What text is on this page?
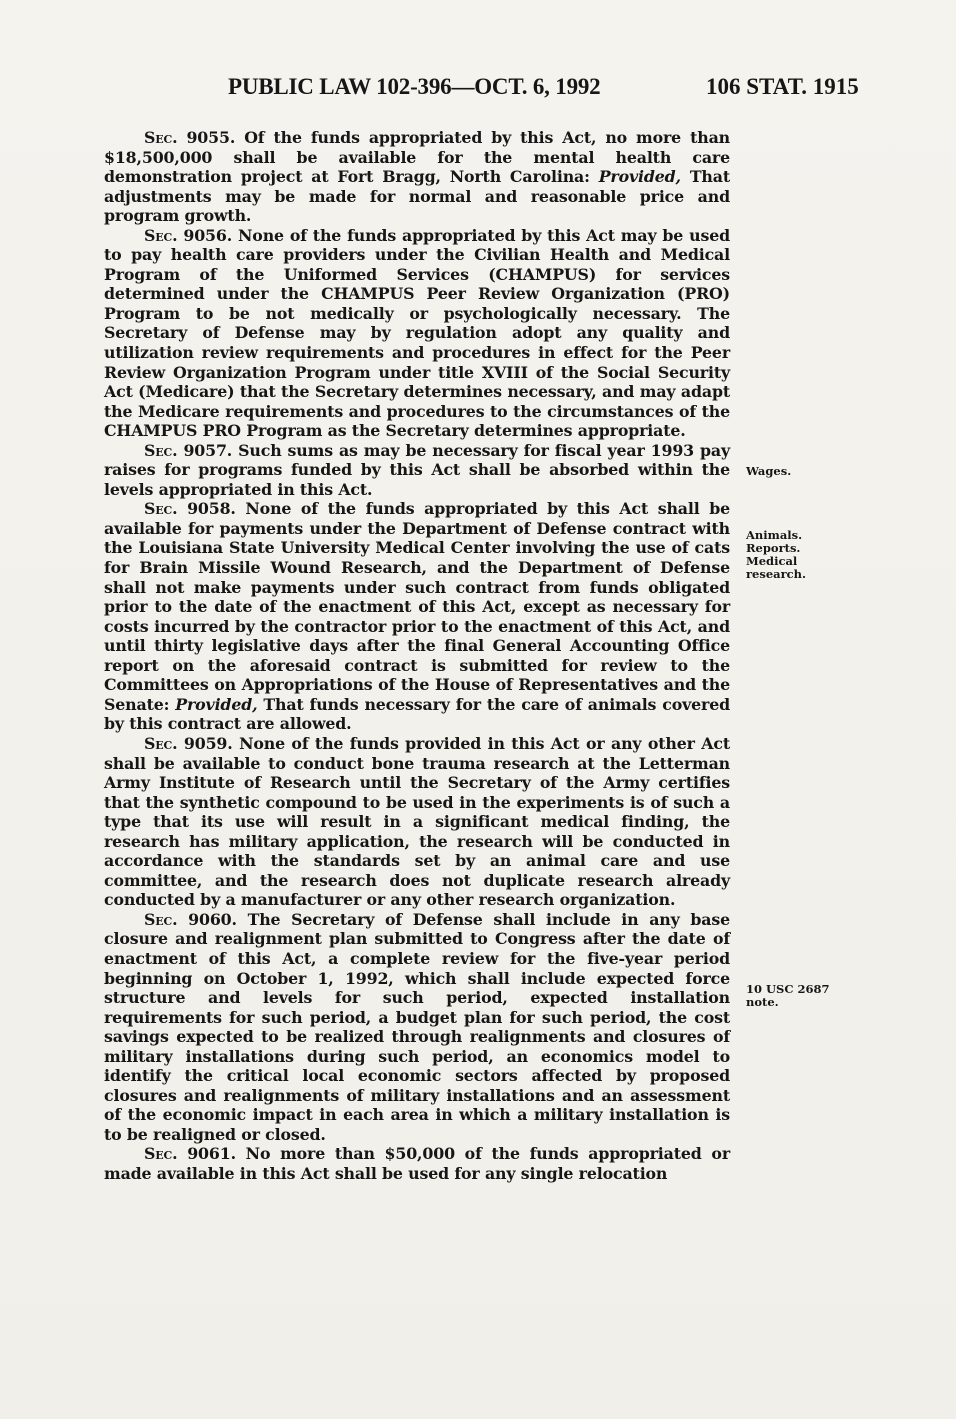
PUBLIC LAW 102-396—OCT. 6, 1992	106 STAT. 1915

Sec. 9055. Of the funds appropriated by this Act, no more than $18,500,000 shall be available for the mental health care demonstration project at Fort Bragg, North Carolina: Provided, That adjustments may be made for normal and reasonable price and program growth.

Sec. 9056. None of the funds appropriated by this Act may be used to pay health care providers under the Civilian Health and Medical Program of the Uniformed Services (CHAMPUS) for services determined under the CHAMPUS Peer Review Organization (PRO) Program to be not medically or psychologically necessary. The Secretary of Defense may by regulation adopt any quality and utilization review requirements and procedures in effect for the Peer Review Organization Program under title XVIII of the Social Security Act (Medicare) that the Secretary determines necessary, and may adapt the Medicare requirements and procedures to the circumstances of the CHAMPUS PRO Program as the Secretary determines appropriate.

Sec. 9057. Such sums as may be necessary for fiscal year 1993 pay raises for programs funded by this Act shall be absorbed within the levels appropriated in this Act.

Sec. 9058. None of the funds appropriated by this Act shall be available for payments under the Department of Defense contract with the Louisiana State University Medical Center involving the use of cats for Brain Missile Wound Research, and the Department of Defense shall not make payments under such contract from funds obligated prior to the date of the enactment of this Act, except as necessary for costs incurred by the contractor prior to the enactment of this Act, and until thirty legislative days after the final General Accounting Office report on the aforesaid contract is submitted for review to the Committees on Appropriations of the House of Representatives and the Senate: Provided, That funds necessary for the care of animals covered by this contract are allowed.

Sec. 9059. None of the funds provided in this Act or any other Act shall be available to conduct bone trauma research at the Letterman Army Institute of Research until the Secretary of the Army certifies that the synthetic compound to be used in the experiments is of such a type that its use will result in a significant medical finding, the research has military application, the research will be conducted in accordance with the standards set by an animal care and use committee, and the research does not duplicate research already conducted by a manufacturer or any other research organization.

Sec. 9060. The Secretary of Defense shall include in any base closure and realignment plan submitted to Congress after the date of enactment of this Act, a complete review for the five-year period beginning on October 1, 1992, which shall include expected force structure and levels for such period, expected installation requirements for such period, a budget plan for such period, the cost savings expected to be realized through realignments and closures of military installations during such period, an economics model to identify the critical local economic sectors affected by proposed closures and realignments of military installations and an assessment of the economic impact in each area in which a military installation is to be realigned or closed.

Sec. 9061. No more than $50,000 of the funds appropriated or made available in this Act shall be used for any single relocation

Wages.
Animals.
Reports.
Medical
research.
10 USC 2687
note.
